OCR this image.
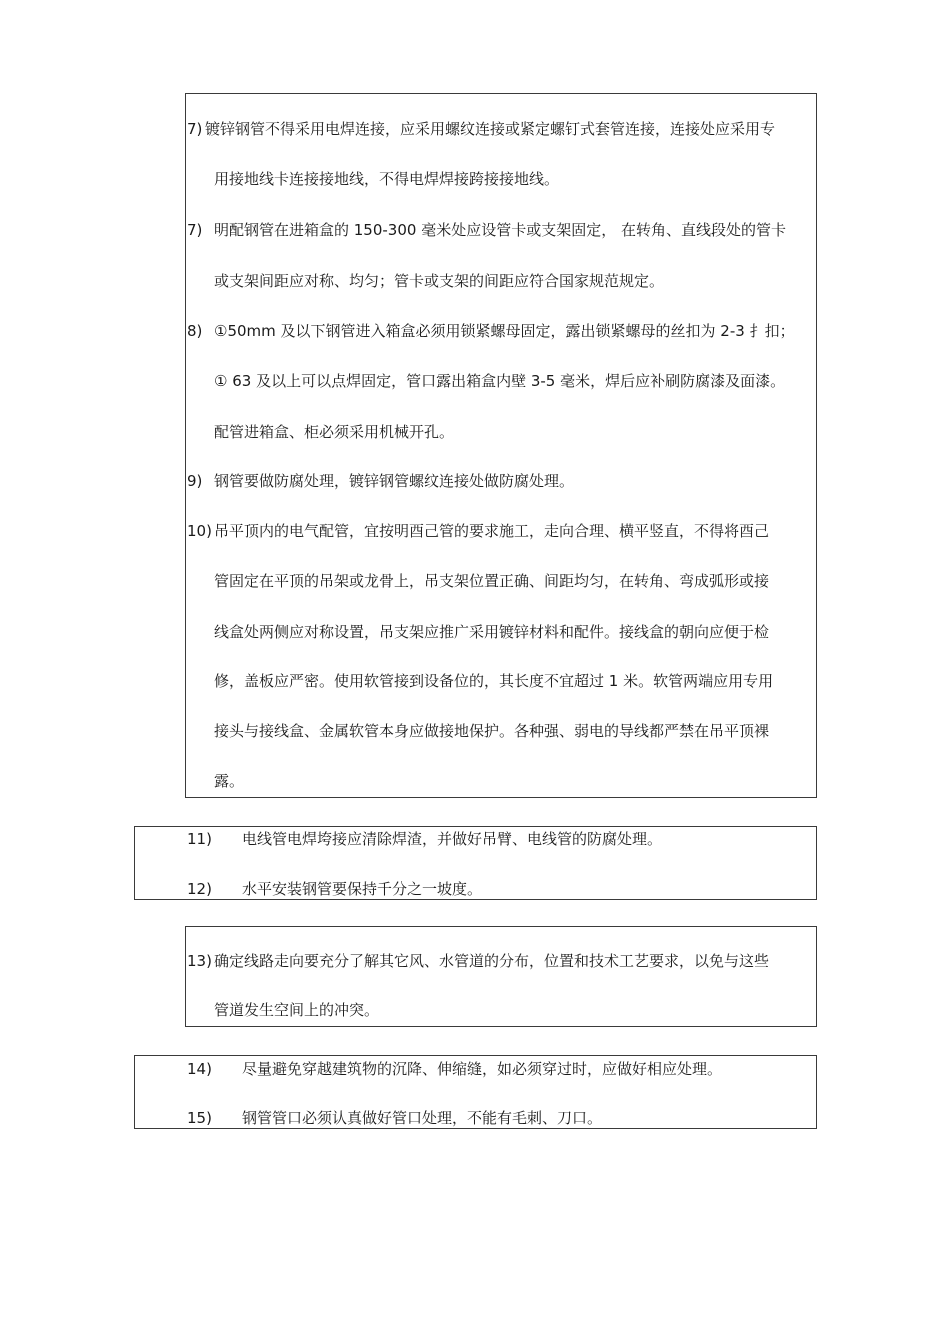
7) 镀锌钢管不得采用电焊连接，应采用螺纹连接或紧定螺钉式套管连接，连接处应采用专
用接地线卡连接接地线，不得电焊焊接跨接接地线。
7) 明配钢管在进箱盒的 150-300 毫米处应设管卡或支架固定， 在转角、直线段处的管卡
或支架间距应对称、均匀；管卡或支架的间距应符合国家规范规定。
8) ①50mm 及以下钢管进入箱盒必须用锁紧螺母固定，露出锁紧螺母的丝扣为 2-3 扌扣；
① 63 及以上可以点焊固定，管口露出箱盒内壁 3-5 毫米，焊后应补刷防腐漆及面漆。
配管进箱盒、柜必须采用机械开孔。
9) 钢管要做防腐处理，镀锌钢管螺纹连接处做防腐处理。
10) 吊平顶内的电气配管，宜按明酉己管的要求施工，走向合理、横平竖直，不得将酉己
管固定在平顶的吊架或龙骨上，吊支架位置正确、间距均匀，在转角、弯成弧形或接
线盒处两侧应对称设置，吊支架应推广采用镀锌材料和配件。接线盒的朝向应便于检
修，盖板应严密。使用软管接到设备位的，其长度不宜超过 1 米。软管两端应用专用
接头与接线盒、金属软管本身应做接地保护。各种强、弱电的导线都严禁在吊平顶裸
露。
11) 电线管电焊垮接应清除焊渣，并做好吊臂、电线管的防腐处理。
12) 水平安装钢管要保持千分之一坡度。
13) 确定线路走向要充分了解其它风、水管道的分布，位置和技术工艺要求，以免与这些
管道发生空间上的冲突。
14) 尽量避免穿越建筑物的沉降、伸缩缝，如必须穿过时，应做好相应处理。
15) 钢管管口必须认真做好管口处理，不能有毛刺、刀口。
